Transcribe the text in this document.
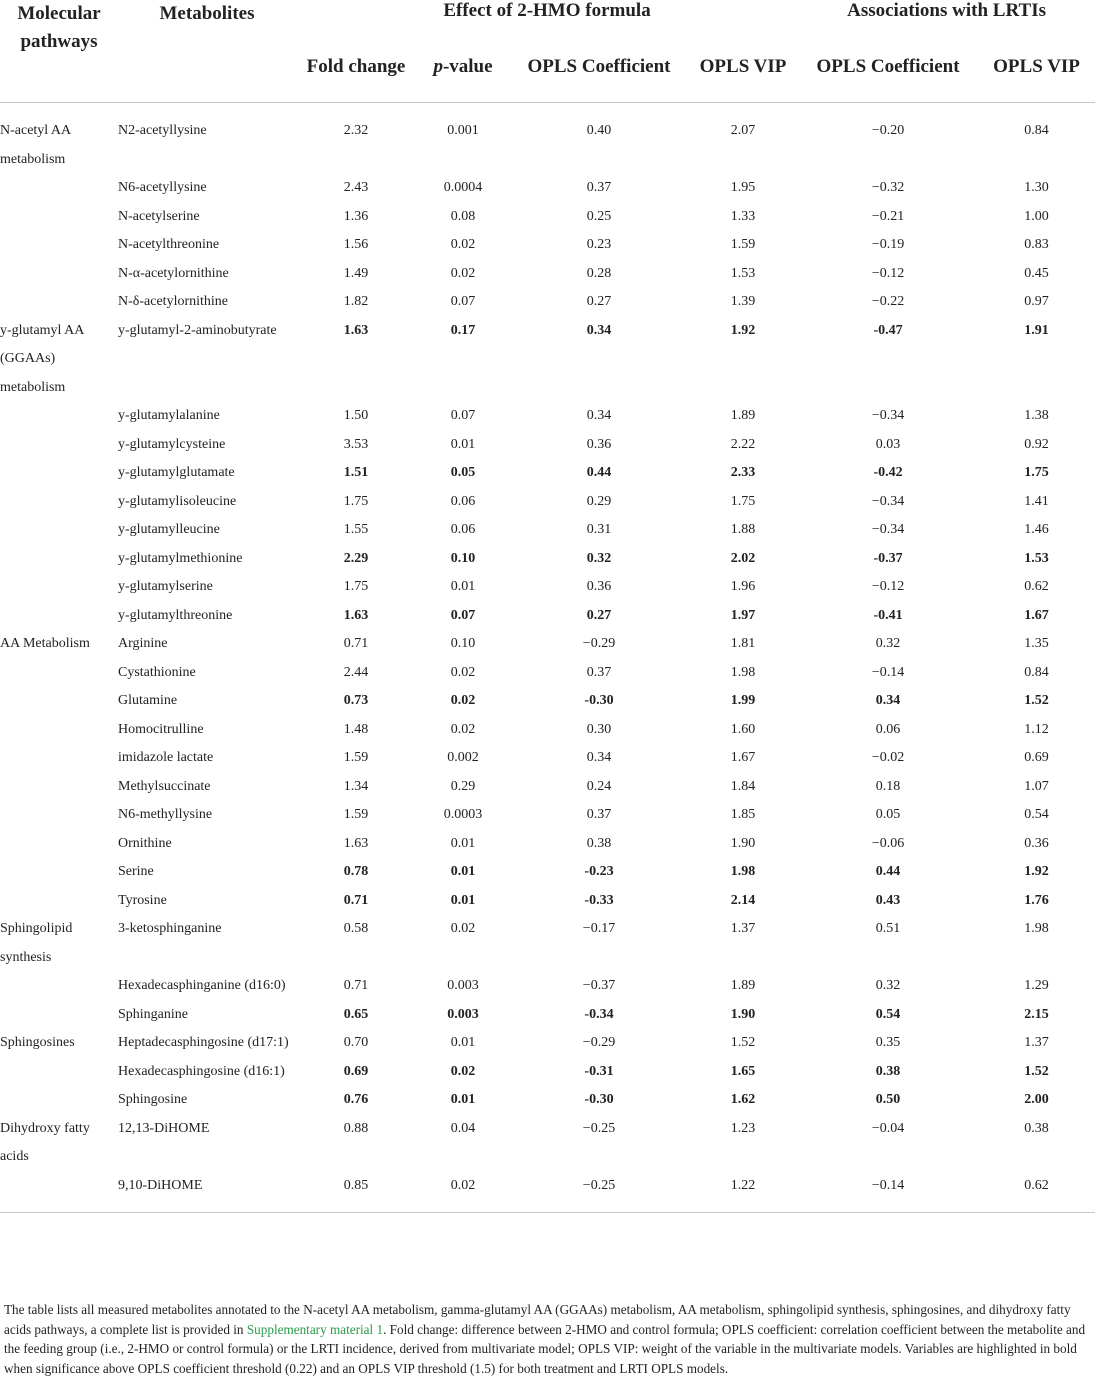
Molecular pathways	Metabolites	Effect of 2-HMO formula				Associations with LRTIs	
		Fold change	p-value	OPLS Coefficient	OPLS VIP	OPLS Coefficient	OPLS VIP
N-acetyl AA metabolism	N2-acetyllysine	2.32	0.001	0.40	2.07	−0.20	0.84
	N6-acetyllysine	2.43	0.0004	0.37	1.95	−0.32	1.30
	N-acetylserine	1.36	0.08	0.25	1.33	−0.21	1.00
	N-acetylthreonine	1.56	0.02	0.23	1.59	−0.19	0.83
	N-α-acetylornithine	1.49	0.02	0.28	1.53	−0.12	0.45
	N-δ-acetylornithine	1.82	0.07	0.27	1.39	−0.22	0.97
y-glutamyl AA (GGAAs) metabolism	y-glutamyl-2-aminobutyrate	1.63	0.17	0.34	1.92	-0.47	1.91
	y-glutamylalanine	1.50	0.07	0.34	1.89	−0.34	1.38
	y-glutamylcysteine	3.53	0.01	0.36	2.22	0.03	0.92
	y-glutamylglutamate	1.51	0.05	0.44	2.33	-0.42	1.75
	y-glutamylisoleucine	1.75	0.06	0.29	1.75	−0.34	1.41
	y-glutamylleucine	1.55	0.06	0.31	1.88	−0.34	1.46
	y-glutamylmethionine	2.29	0.10	0.32	2.02	-0.37	1.53
	y-glutamylserine	1.75	0.01	0.36	1.96	−0.12	0.62
	y-glutamylthreonine	1.63	0.07	0.27	1.97	-0.41	1.67
AA Metabolism	Arginine	0.71	0.10	−0.29	1.81	0.32	1.35
	Cystathionine	2.44	0.02	0.37	1.98	−0.14	0.84
	Glutamine	0.73	0.02	-0.30	1.99	0.34	1.52
	Homocitrulline	1.48	0.02	0.30	1.60	0.06	1.12
	imidazole lactate	1.59	0.002	0.34	1.67	−0.02	0.69
	Methylsuccinate	1.34	0.29	0.24	1.84	0.18	1.07
	N6-methyllysine	1.59	0.0003	0.37	1.85	0.05	0.54
	Ornithine	1.63	0.01	0.38	1.90	−0.06	0.36
	Serine	0.78	0.01	-0.23	1.98	0.44	1.92
	Tyrosine	0.71	0.01	-0.33	2.14	0.43	1.76
Sphingolipid synthesis	3-ketosphinganine	0.58	0.02	−0.17	1.37	0.51	1.98
	Hexadecasphinganine (d16:0)	0.71	0.003	−0.37	1.89	0.32	1.29
	Sphinganine	0.65	0.003	-0.34	1.90	0.54	2.15
Sphingosines	Heptadecasphingosine (d17:1)	0.70	0.01	−0.29	1.52	0.35	1.37
	Hexadecasphingosine (d16:1)	0.69	0.02	-0.31	1.65	0.38	1.52
	Sphingosine	0.76	0.01	-0.30	1.62	0.50	2.00
Dihydroxy fatty acids	12,13-DiHOME	0.88	0.04	−0.25	1.23	−0.04	0.38
	9,10-DiHOME	0.85	0.02	−0.25	1.22	−0.14	0.62
The table lists all measured metabolites annotated to the N-acetyl AA metabolism, gamma-glutamyl AA (GGAAs) metabolism, AA metabolism, sphingolipid synthesis, sphingosines, and dihydroxy fatty acids pathways, a complete list is provided in Supplementary material 1. Fold change: difference between 2-HMO and control formula; OPLS coefficient: correlation coefficient between the metabolite and the feeding group (i.e., 2-HMO or control formula) or the LRTI incidence, derived from multivariate model; OPLS VIP: weight of the variable in the multivariate models. Variables are highlighted in bold when significance above OPLS coefficient threshold (0.22) and an OPLS VIP threshold (1.5) for both treatment and LRTI OPLS models.
